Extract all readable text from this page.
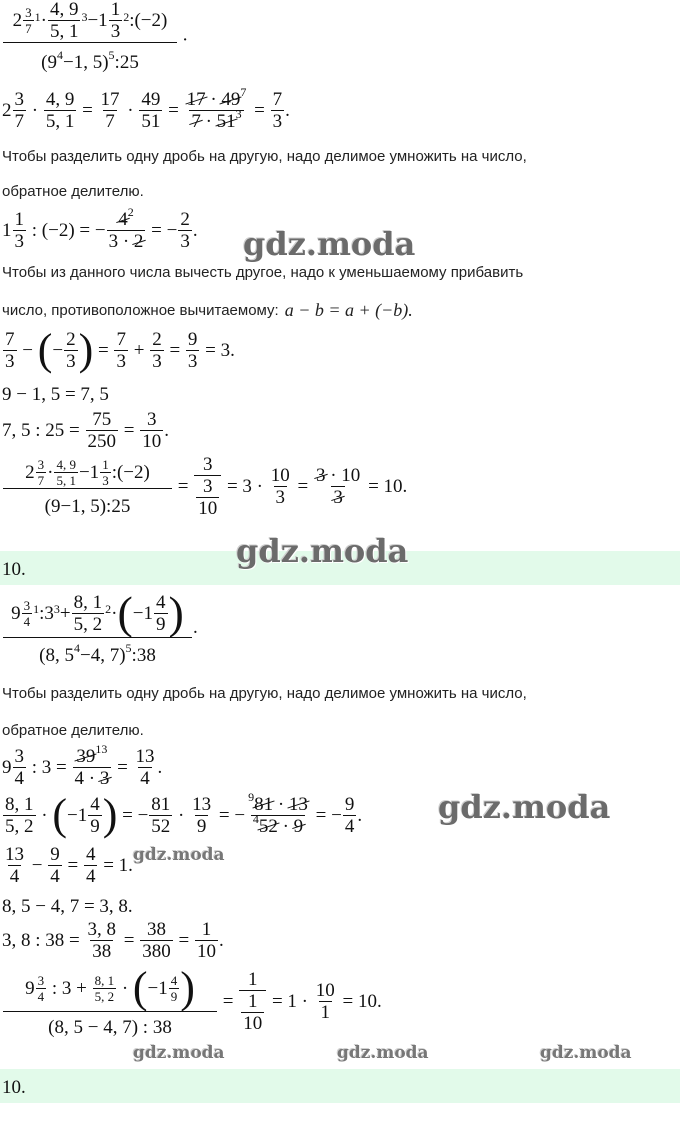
$\frac{2 \frac{3}{7} 1 \cdot \frac{4, 9}{5, 1} 3 -1 \frac{1}{3} 2 :(-2)}{(9^4-1, 5)^5:25}$ .
$2 \frac{3}{7} \cdot \frac{4, 9}{5, 1} = \frac{17}{7} \cdot \frac{49}{51} = \frac{17 \cdot 49^7}{7 \cdot 51^3} = \frac{7}{3}$ .
Чтобы разделить одну дробь на другую, надо делимое умножить на число,
обратное делителю.
$1 \frac{1}{3}$ : (−2) = − $\frac{4^2}{3 \cdot 2}$ = − $\frac{2}{3}$ . gdz.moda
Чтобы из данного числа вычесть другое, надо к уменьшаемому прибавить
число, противоположное вычитаемому: a − b = a + (−b).
$\frac{7}{3}$ − ( − $\frac{2}{3}$ ) = $\frac{7}{3} + \frac{2}{3} = \frac{9}{3} = 3$.
9 − 1, 5 = 7, 5
7, 5 : $25 = \frac{75}{250} = \frac{3}{10}$ .
$\frac{2 \frac{3}{7} \cdot \frac{4, 9}{5, 1} -1 \frac{1}{3} :(-2)}{(9-1, 5):25} = \frac{3}{\frac{3}{10}} = 3 \cdot \frac{10}{3} = \frac{3 \cdot 10}{3} = 10$.
10.	gdz.moda
$\frac{9 \frac{3}{4} 1 :3 3 + \frac{8, 1}{5, 2} 2 \cdot ( -1 \frac{4}{9} )}{(8, 5^4-4, 7)^5:38}$ .
Чтобы разделить одну дробь на другую, надо делимое умножить на число,
обратное делителю.
$9 \frac{3}{4}$ : $3 = \frac{39^{13}}{4 \cdot 3} = \frac{13}{4}$ .
$\frac{8, 1}{5, 2}$ · ( $-1 \frac{4}{9}$ ) = − $\frac{81}{52} \cdot \frac{13}{9}$ = − $\frac{^981 \cdot 13}{^452 \cdot 9}$ = − $\frac{9}{4}$ . gdz.moda
$\frac{13}{4} - \frac{9}{4} = \frac{4}{4} = 1$. gdz.moda
8, 5 − 4, 7 = 3, 8.
3, 8 : $38 = \frac{3, 8}{38} = \frac{38}{380} = \frac{1}{10}$ .
$\frac{9 \frac{3}{4} : 3 + \frac{8, 1}{5, 2} \cdot ( -1 \frac{4}{9} )}{(8, 5 - 4, 7) : 38} = \frac{1}{\frac{1}{10}} = 1 \cdot \frac{10}{1} = 10$.
gdz.moda	gdz.moda	gdz.moda
10.
